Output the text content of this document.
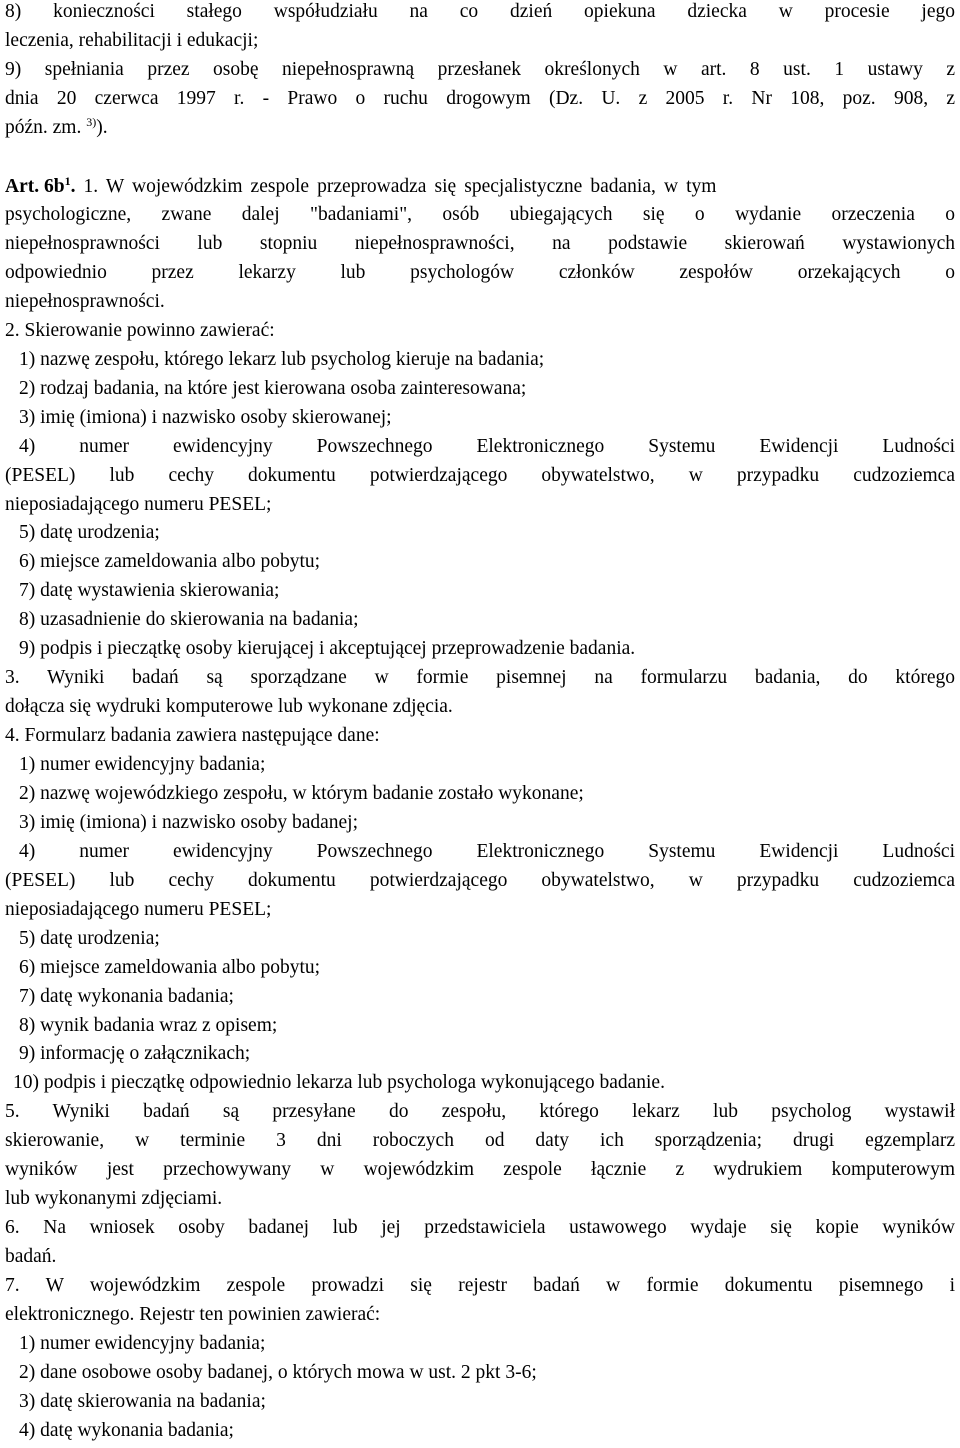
8) konieczności stałego współudziału na co dzień opiekuna dziecka w procesie jego
leczenia, rehabilitacji i edukacji;
9) spełniania przez osobę niepełnosprawną przesłanek określonych w art. 8 ust. 1 ustawy z
dnia 20 czerwca 1997 r. - Prawo o ruchu drogowym (Dz. U. z 2005 r. Nr 108, poz. 908, z
późn. zm. $^{3)}$).
Art. $6b^1$. 1. W wojewódzkim zespole przeprowadza się specjalistyczne badania, w tym
psychologiczne, zwane dalej "badaniami", osób ubiegających się o wydanie orzeczenia o
niepełnosprawności lub stopniu niepełnosprawności, na podstawie skierowań wystawionych
odpowiednio przez lekarzy lub psychologów członków zespołów orzekających o
niepełnosprawności.
2. Skierowanie powinno zawierać:
1) nazwę zespołu, którego lekarz lub psycholog kieruje na badania;
2) rodzaj badania, na które jest kierowana osoba zainteresowana;
3) imię (imiona) i nazwisko osoby skierowanej;
4) numer ewidencyjny Powszechnego Elektronicznego Systemu Ewidencji Ludności
(PESEL) lub cechy dokumentu potwierdzającego obywatelstwo, w przypadku cudzoziemca
nieposiadającego numeru PESEL;
5) datę urodzenia;
6) miejsce zameldowania albo pobytu;
7) datę wystawienia skierowania;
8) uzasadnienie do skierowania na badania;
9) podpis i pieczątkę osoby kierującej i akceptującej przeprowadzenie badania.
3. Wyniki badań są sporządzane w formie pisemnej na formularzu badania, do którego
dołącza się wydruki komputerowe lub wykonane zdjęcia.
4. Formularz badania zawiera następujące dane:
1) numer ewidencyjny badania;
2) nazwę wojewódzkiego zespołu, w którym badanie zostało wykonane;
3) imię (imiona) i nazwisko osoby badanej;
4) numer ewidencyjny Powszechnego Elektronicznego Systemu Ewidencji Ludności
(PESEL) lub cechy dokumentu potwierdzającego obywatelstwo, w przypadku cudzoziemca
nieposiadającego numeru PESEL;
5) datę urodzenia;
6) miejsce zameldowania albo pobytu;
7) datę wykonania badania;
8) wynik badania wraz z opisem;
9) informację o załącznikach;
10) podpis i pieczątkę odpowiednio lekarza lub psychologa wykonującego badanie.
5. Wyniki badań są przesyłane do zespołu, którego lekarz lub psycholog wystawił
skierowanie, w terminie 3 dni roboczych od daty ich sporządzenia; drugi egzemplarz
wyników jest przechowywany w wojewódzkim zespole łącznie z wydrukiem komputerowym
lub wykonanymi zdjęciami.
6. Na wniosek osoby badanej lub jej przedstawiciela ustawowego wydaje się kopie wyników
badań.
7. W wojewódzkim zespole prowadzi się rejestr badań w formie dokumentu pisemnego i
elektronicznego. Rejestr ten powinien zawierać:
1) numer ewidencyjny badania;
2) dane osobowe osoby badanej, o których mowa w ust. 2 pkt 3-6;
3) datę skierowania na badania;
4) datę wykonania badania;
